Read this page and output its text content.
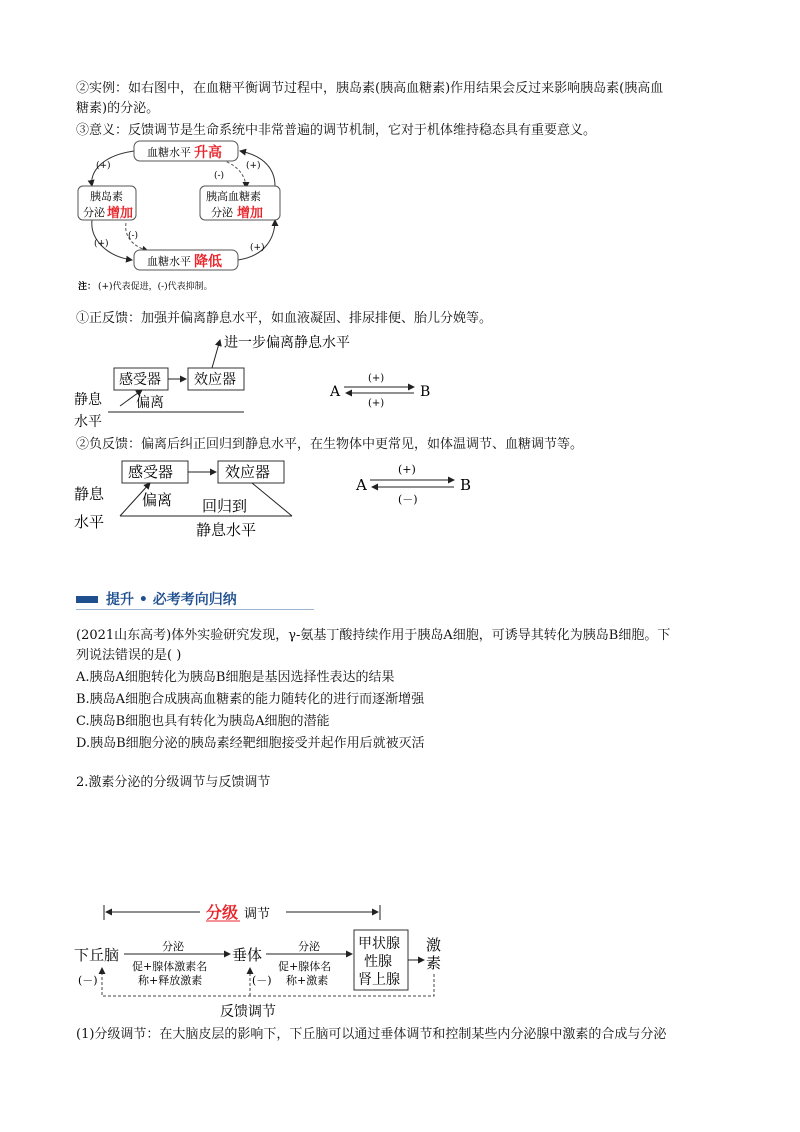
②实例：如右图中，在血糖平衡调节过程中，胰岛素(胰高血糖素)作用结果会反过来影响胰岛素(胰高血
糖素)的分泌。
③意义：反馈调节是生命系统中非常普遍的调节机制，它对于机体维持稳态具有重要意义。
血糖水平 升高
胰岛素
分泌 增加
胰高血糖素
分泌 增加
血糖水平 降低
(+)
(-)
(+)
(-)
(+)	(+)
注： (+)代表促进，(-)代表抑制。
①正反馈：加强并偏离静息水平，如血液凝固、排尿排便、胎儿分娩等。
进一步偏离静息水平
感受器 效应器
偏离
静息
水平
A	B
(+)
(+)
②负反馈：偏离后纠正回归到静息水平，在生物体中更常见，如体温调节、血糖调节等。
感受器	效应器
偏离 回归到
静息水平
静息
水平
A	B
(+)
(－)
提升 • 必考考向归纳
(2021山东高考)体外实验研究发现，γ-氨基丁酸持续作用于胰岛A细胞，可诱导其转化为胰岛B细胞。下
列说法错误的是( )
A.胰岛A细胞转化为胰岛B细胞是基因选择性表达的结果
B.胰岛A细胞合成胰高血糖素的能力随转化的进行而逐渐增强
C.胰岛B细胞也具有转化为胰岛A细胞的潜能
D.胰岛B细胞分泌的胰岛素经靶细胞接受并起作用后就被灭活
2.激素分泌的分级调节与反馈调节
分级 调节
下丘脑	分泌
促+腺体激素名
称+释放激素
垂体	分泌
促+腺体名
称+激素
甲状腺
性腺
肾上腺
激
素
(－)	(－)
反馈调节
(1)分级调节：在大脑皮层的影响下，下丘脑可以通过垂体调节和控制某些内分泌腺中激素的合成与分泌
